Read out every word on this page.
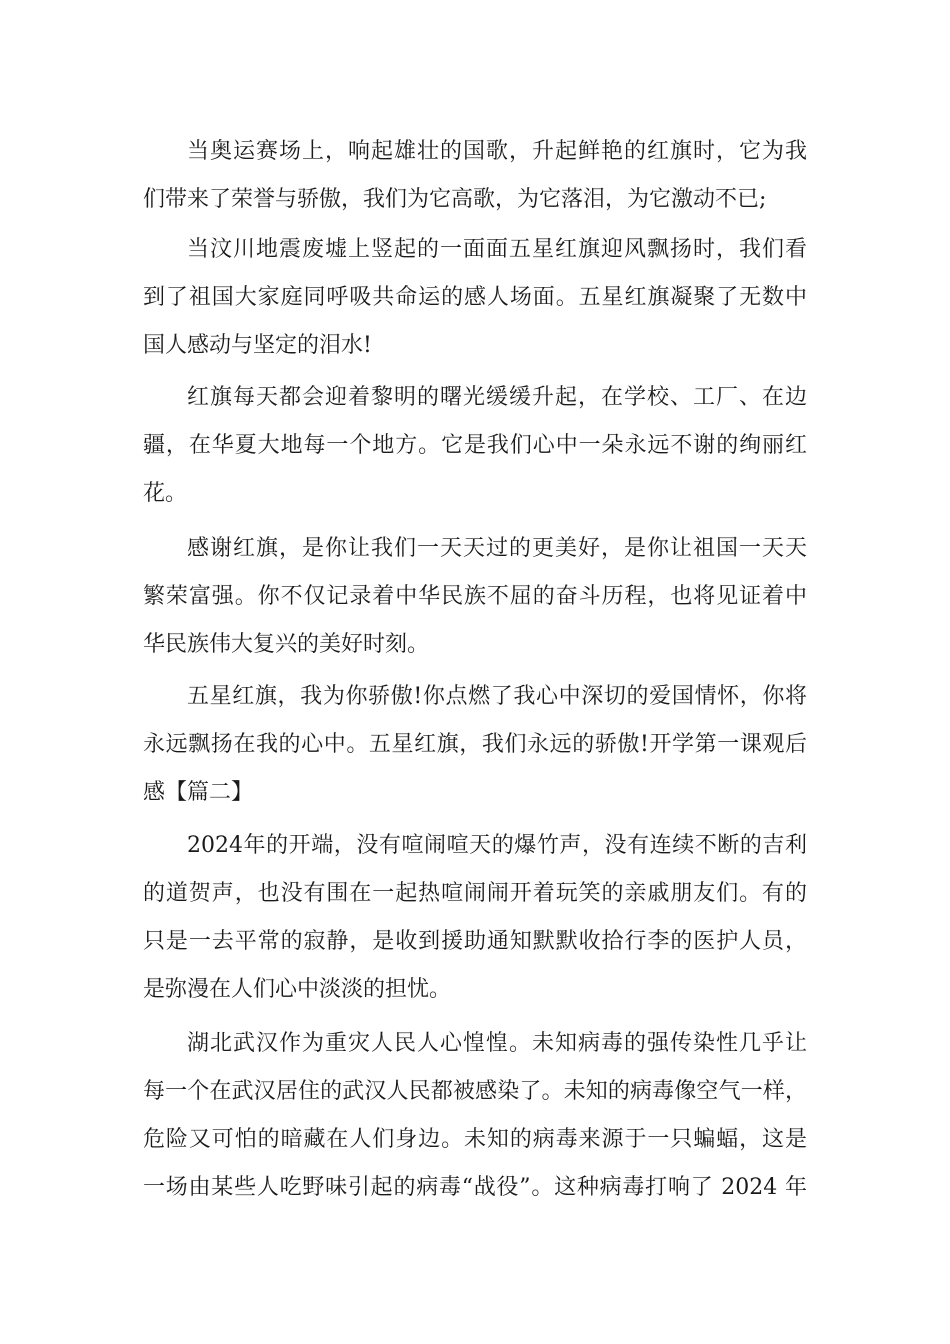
当奥运赛场上，响起雄壮的国歌，升起鲜艳的红旗时，它为我
们带来了荣誉与骄傲，我们为它高歌，为它落泪，为它激动不已;
当汶川地震废墟上竖起的一面面五星红旗迎风飘扬时，我们看
到了祖国大家庭同呼吸共命运的感人场面。五星红旗凝聚了无数中
国人感动与坚定的泪水!
红旗每天都会迎着黎明的曙光缓缓升起，在学校、工厂、在边
疆，在华夏大地每一个地方。它是我们心中一朵永远不谢的绚丽红
花。
感谢红旗，是你让我们一天天过的更美好，是你让祖国一天天
繁荣富强。你不仅记录着中华民族不屈的奋斗历程，也将见证着中
华民族伟大复兴的美好时刻。
五星红旗，我为你骄傲!你点燃了我心中深切的爱国情怀，你将
永远飘扬在我的心中。五星红旗，我们永远的骄傲!开学第一课观后
感【篇二】
2024年的开端，没有喧闹喧天的爆竹声，没有连续不断的吉利
的道贺声，也没有围在一起热喧闹闹开着玩笑的亲戚朋友们。有的
只是一去平常的寂静，是收到援助通知默默收拾行李的医护人员，
是弥漫在人们心中淡淡的担忧。
湖北武汉作为重灾人民人心惶惶。未知病毒的强传染性几乎让
每一个在武汉居住的武汉人民都被感染了。未知的病毒像空气一样，
危险又可怕的暗藏在人们身边。未知的病毒来源于一只蝙蝠，这是
一场由某些人吃野味引起的病毒“战役”。这种病毒打响了 2024 年
